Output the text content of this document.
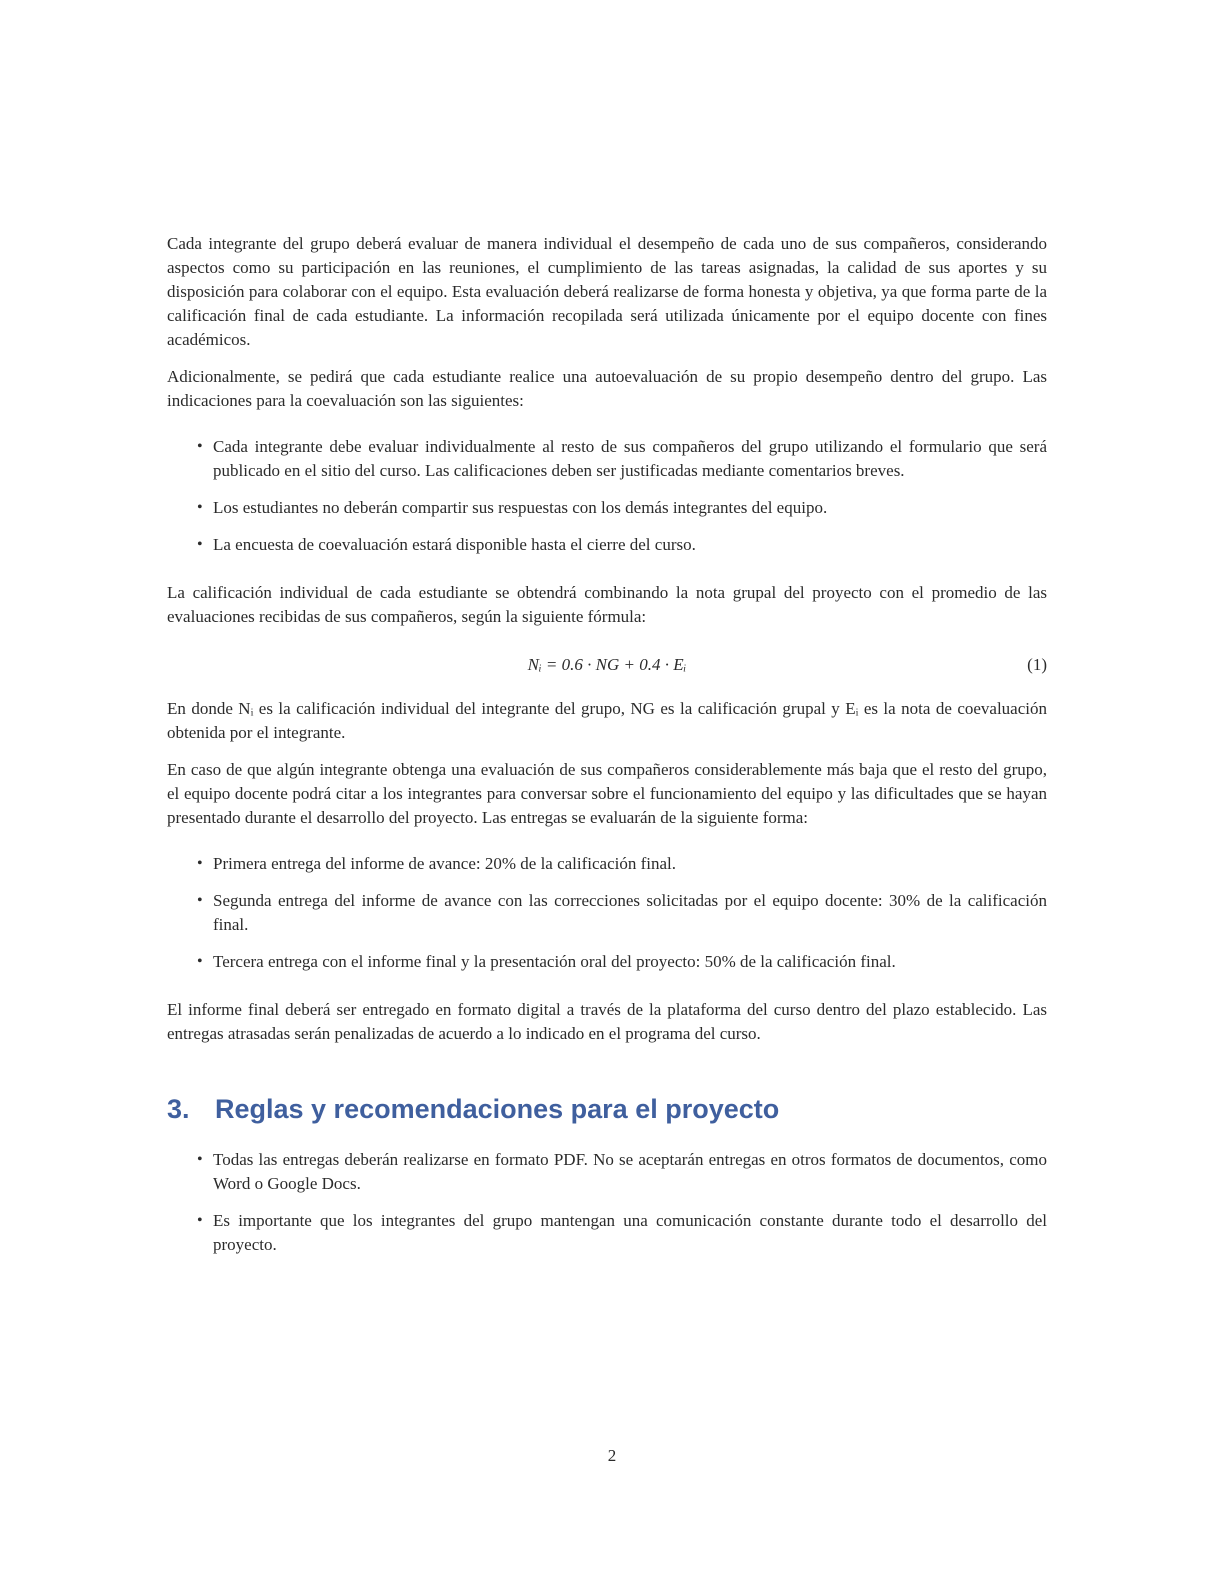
Cada integrante del grupo deberá evaluar de manera individual el desempeño de cada uno de sus compañeros, considerando aspectos como su participación en las reuniones, el cumplimiento de las tareas asignadas, la calidad de sus aportes y su disposición para colaborar con el equipo. Esta evaluación deberá realizarse de forma honesta y objetiva, ya que forma parte de la calificación final de cada estudiante. La información recopilada será utilizada únicamente por el equipo docente con fines académicos.

Adicionalmente, se pedirá que cada estudiante realice una autoevaluación de su propio desempeño dentro del grupo. Las indicaciones para la coevaluación son las siguientes:

• Cada integrante debe evaluar individualmente al resto de sus compañeros del grupo utilizando el formulario que será publicado en el sitio del curso. Las calificaciones deben ser justificadas mediante comentarios breves.
• Los estudiantes no deberán compartir sus respuestas con los demás integrantes del equipo.
• La encuesta de coevaluación estará disponible hasta el cierre del curso.

La calificación individual de cada estudiante se obtendrá combinando la nota grupal del proyecto con el promedio de las evaluaciones recibidas de sus compañeros, según la siguiente fórmula:

Nᵢ = 0.6 · NG + 0.4 · Eᵢ	(1)

En donde Nᵢ es la calificación individual del integrante del grupo, NG es la calificación grupal y Eᵢ es la nota de coevaluación obtenida por el integrante.

En caso de que algún integrante obtenga una evaluación de sus compañeros considerablemente más baja que el resto del grupo, el equipo docente podrá citar a los integrantes para conversar sobre el funcionamiento del equipo y las dificultades que se hayan presentado durante el desarrollo del proyecto. Las entregas se evaluarán de la siguiente forma:

• Primera entrega del informe de avance: 20% de la calificación final.
• Segunda entrega del informe de avance con las correcciones solicitadas por el equipo docente: 30% de la calificación final.
• Tercera entrega con el informe final y la presentación oral del proyecto: 50% de la calificación final.

El informe final deberá ser entregado en formato digital a través de la plataforma del curso dentro del plazo establecido. Las entregas atrasadas serán penalizadas de acuerdo a lo indicado en el programa del curso.

3. Reglas y recomendaciones para el proyecto
• Todas las entregas deberán realizarse en formato PDF. No se aceptarán entregas en otros formatos de documentos, como Word o Google Docs.
• Es importante que los integrantes del grupo mantengan una comunicación constante durante todo el desarrollo del proyecto.
2
